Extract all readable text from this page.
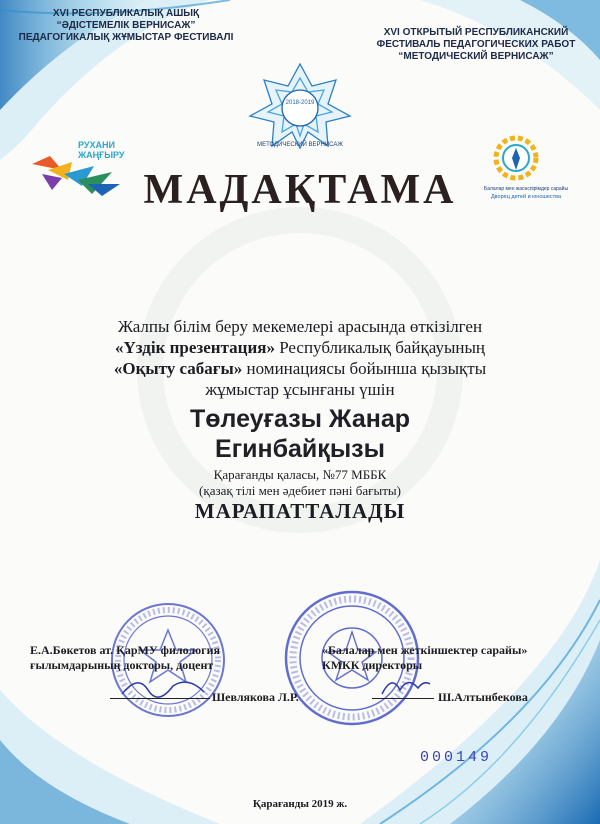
XVI РЕСПУБЛИКАЛЫҚ АШЫҚ
“ӘДІСТЕМЕЛІК ВЕРНИСАЖ”
ПЕДАГОГИКАЛЫҚ ЖҰМЫСТАР ФЕСТИВАЛІ	XVI ОТКРЫТЫЙ РЕСПУБЛИКАНСКИЙ
ФЕСТИВАЛЬ ПЕДАГОГИЧЕСКИХ РАБОТ
“МЕТОДИЧЕСКИЙ ВЕРНИСАЖ”
2018-2019
МЕТОДИЧЕСКИЙ ВЕРНИСАЖ
РУХАНИ
ЖАҢҒЫРУ
Балалар мен жасөспірімдер сарайы
Дворец детей и юношества
МАДАҚТАМА
Жалпы білім беру мекемелері арасында өткізілген
«Үздік презентация» Республикалық байқауының
«Оқыту сабағы» номинациясы бойынша қызықты
жұмыстар ұсынғаны үшін
Төлеуғазы Жанар
Егинбайқызы
Қарағанды қаласы, №77 МББК
(қазақ тілі мен әдебиет пәні бағыты)
МАРАПАТТАЛАДЫ
Е.А.Бөкетов ат. ҚарМУ филология
ғылымдарының докторы, доцент
Шевлякова Л.Р.
«Балалар мен жеткіншектер сарайы»
КМКК директоры
Ш.Алтынбекова
000149
Қарағанды 2019 ж.
